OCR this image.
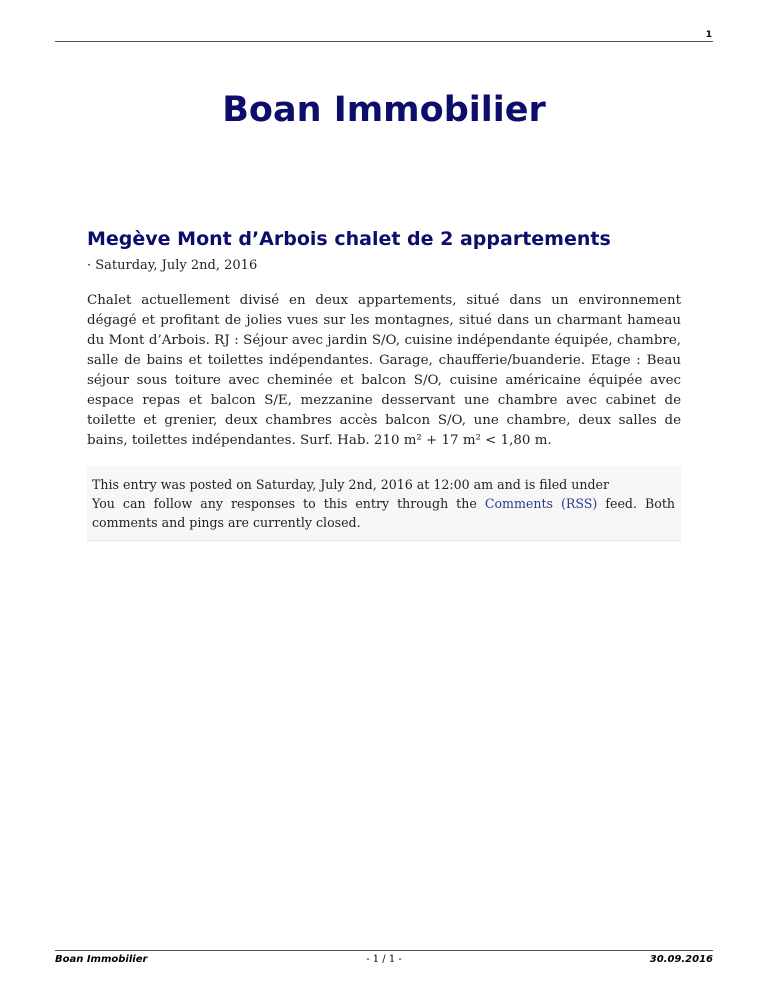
1
Boan Immobilier
Megève Mont d’Arbois chalet de 2 appartements
· Saturday, July 2nd, 2016
Chalet actuellement divisé en deux appartements, situé dans un environnement dégagé et profitant de jolies vues sur les montagnes, situé dans un charmant hameau du Mont d’Arbois. RJ : Séjour avec jardin S/O, cuisine indépendante équipée, chambre, salle de bains et toilettes indépendantes. Garage, chaufferie/buanderie. Etage : Beau séjour sous toiture avec cheminée et balcon S/O, cuisine américaine équipée avec espace repas et balcon S/E, mezzanine desservant une chambre avec cabinet de toilette et grenier, deux chambres accès balcon S/O, une chambre, deux salles de bains, toilettes indépendantes. Surf. Hab. 210 m² + 17 m² < 1,80 m.
This entry was posted on Saturday, July 2nd, 2016 at 12:00 am and is filed under
You can follow any responses to this entry through the Comments (RSS) feed. Both comments and pings are currently closed.
Boan Immobilier	- 1 / 1 -	30.09.2016
